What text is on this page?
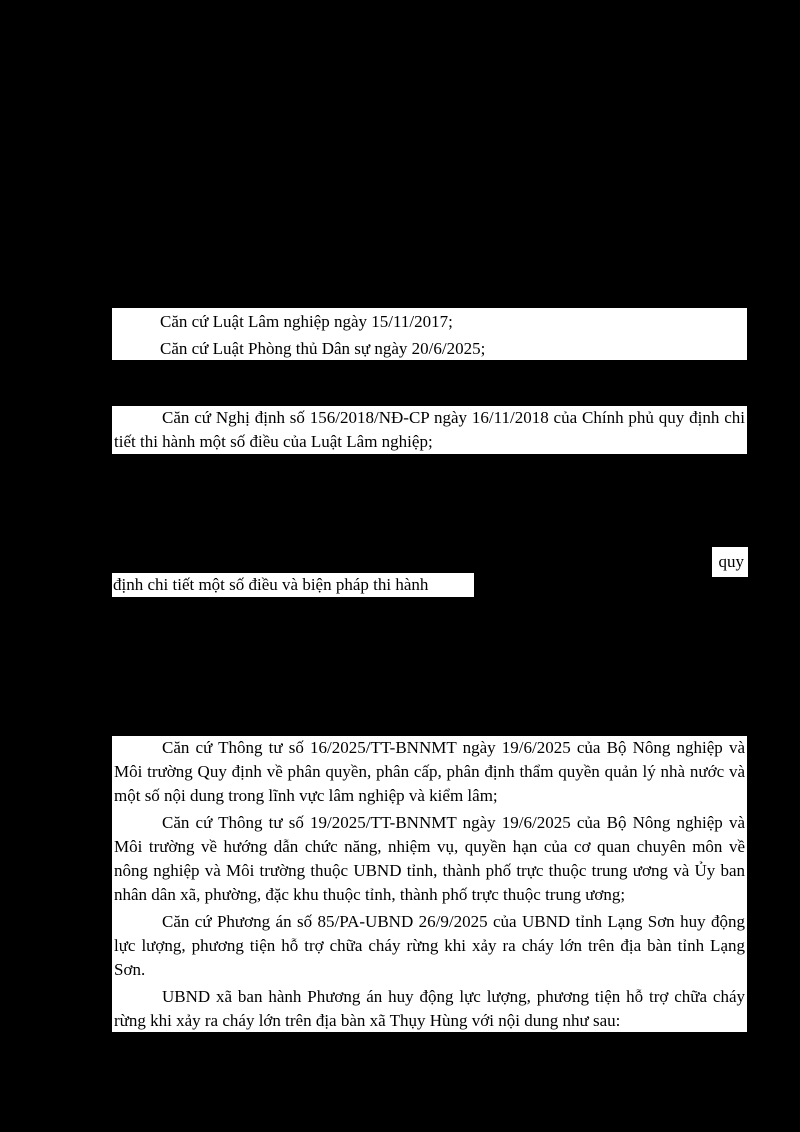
Căn cứ Luật Lâm nghiệp ngày 15/11/2017;

Căn cứ Luật Phòng thủ Dân sự ngày 20/6/2025;

Căn cứ Nghị định số 156/2018/NĐ-CP ngày 16/11/2018 của Chính phủ quy định chi tiết thi hành một số điều của Luật Lâm nghiệp;

quy
định chi tiết một số điều và biện pháp thi hành

Căn cứ Thông tư số 16/2025/TT-BNNMT ngày 19/6/2025 của Bộ Nông nghiệp và Môi trường Quy định về phân quyền, phân cấp, phân định thẩm quyền quản lý nhà nước và một số nội dung trong lĩnh vực lâm nghiệp và kiểm lâm;

Căn cứ Thông tư số 19/2025/TT-BNNMT ngày 19/6/2025 của Bộ Nông nghiệp và Môi trường về hướng dẫn chức năng, nhiệm vụ, quyền hạn của cơ quan chuyên môn về nông nghiệp và Môi trường thuộc UBND tỉnh, thành phố trực thuộc trung ương và Ủy ban nhân dân xã, phường, đặc khu thuộc tỉnh, thành phố trực thuộc trung ương;

Căn cứ Phương án số 85/PA-UBND 26/9/2025 của UBND tỉnh Lạng Sơn huy động lực lượng, phương tiện hỗ trợ chữa cháy rừng khi xảy ra cháy lớn trên địa bàn tỉnh Lạng Sơn.

UBND xã ban hành Phương án huy động lực lượng, phương tiện hỗ trợ chữa cháy rừng khi xảy ra cháy lớn trên địa bàn xã Thụy Hùng với nội dung như sau:
